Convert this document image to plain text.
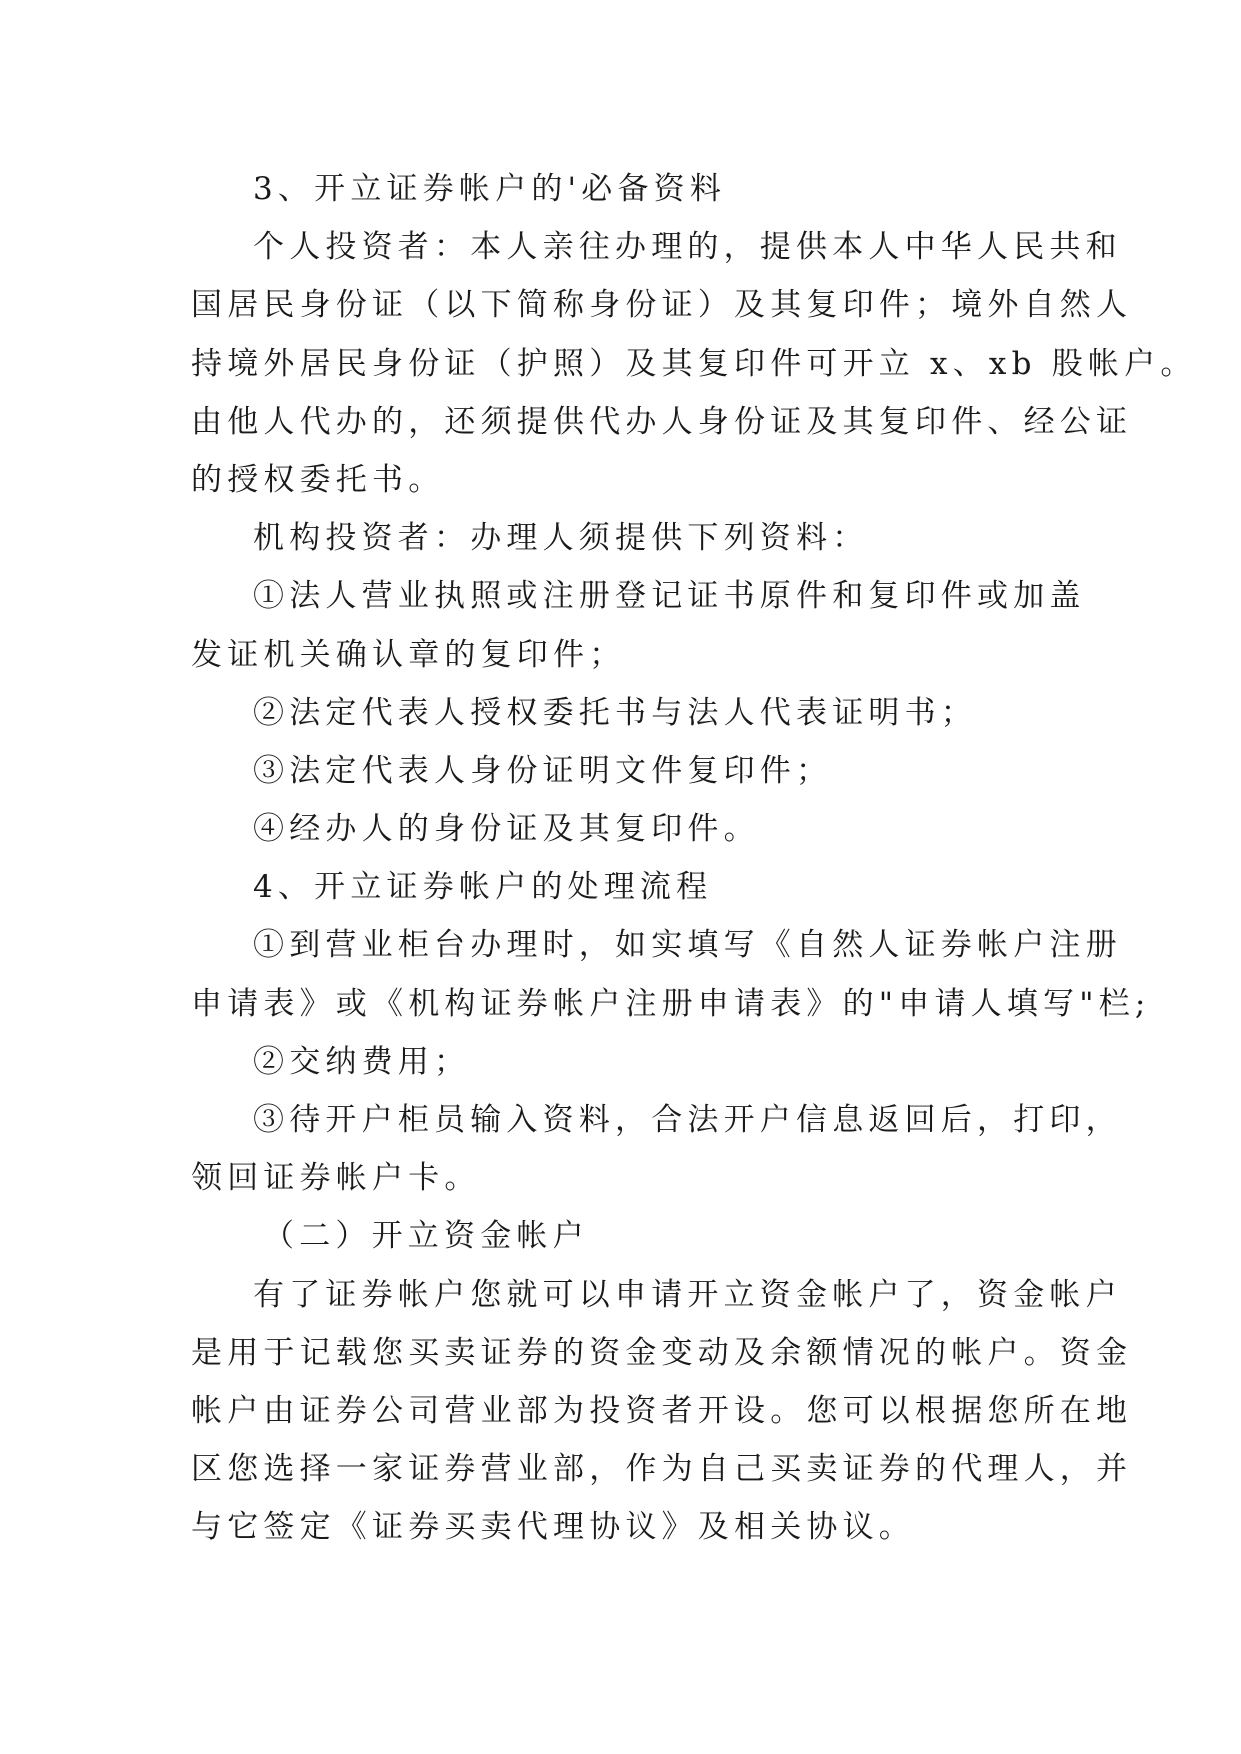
3、开立证券帐户的'必备资料
个人投资者：本人亲往办理的，提供本人中华人民共和
国居民身份证（以下简称身份证）及其复印件；境外自然人
持境外居民身份证（护照）及其复印件可开立 x、xb 股帐户。
由他人代办的，还须提供代办人身份证及其复印件、经公证
的授权委托书。
机构投资者：办理人须提供下列资料：
①法人营业执照或注册登记证书原件和复印件或加盖
发证机关确认章的复印件；
②法定代表人授权委托书与法人代表证明书；
③法定代表人身份证明文件复印件；
④经办人的身份证及其复印件。
4、开立证券帐户的处理流程
①到营业柜台办理时，如实填写《自然人证券帐户注册
申请表》或《机构证券帐户注册申请表》的"申请人填写"栏;
②交纳费用；
③待开户柜员输入资料，合法开户信息返回后，打印，
领回证券帐户卡。
（二）开立资金帐户
有了证券帐户您就可以申请开立资金帐户了，资金帐户
是用于记载您买卖证券的资金变动及余额情况的帐户。资金
帐户由证券公司营业部为投资者开设。您可以根据您所在地
区您选择一家证券营业部，作为自己买卖证券的代理人，并
与它签定《证券买卖代理协议》及相关协议。
